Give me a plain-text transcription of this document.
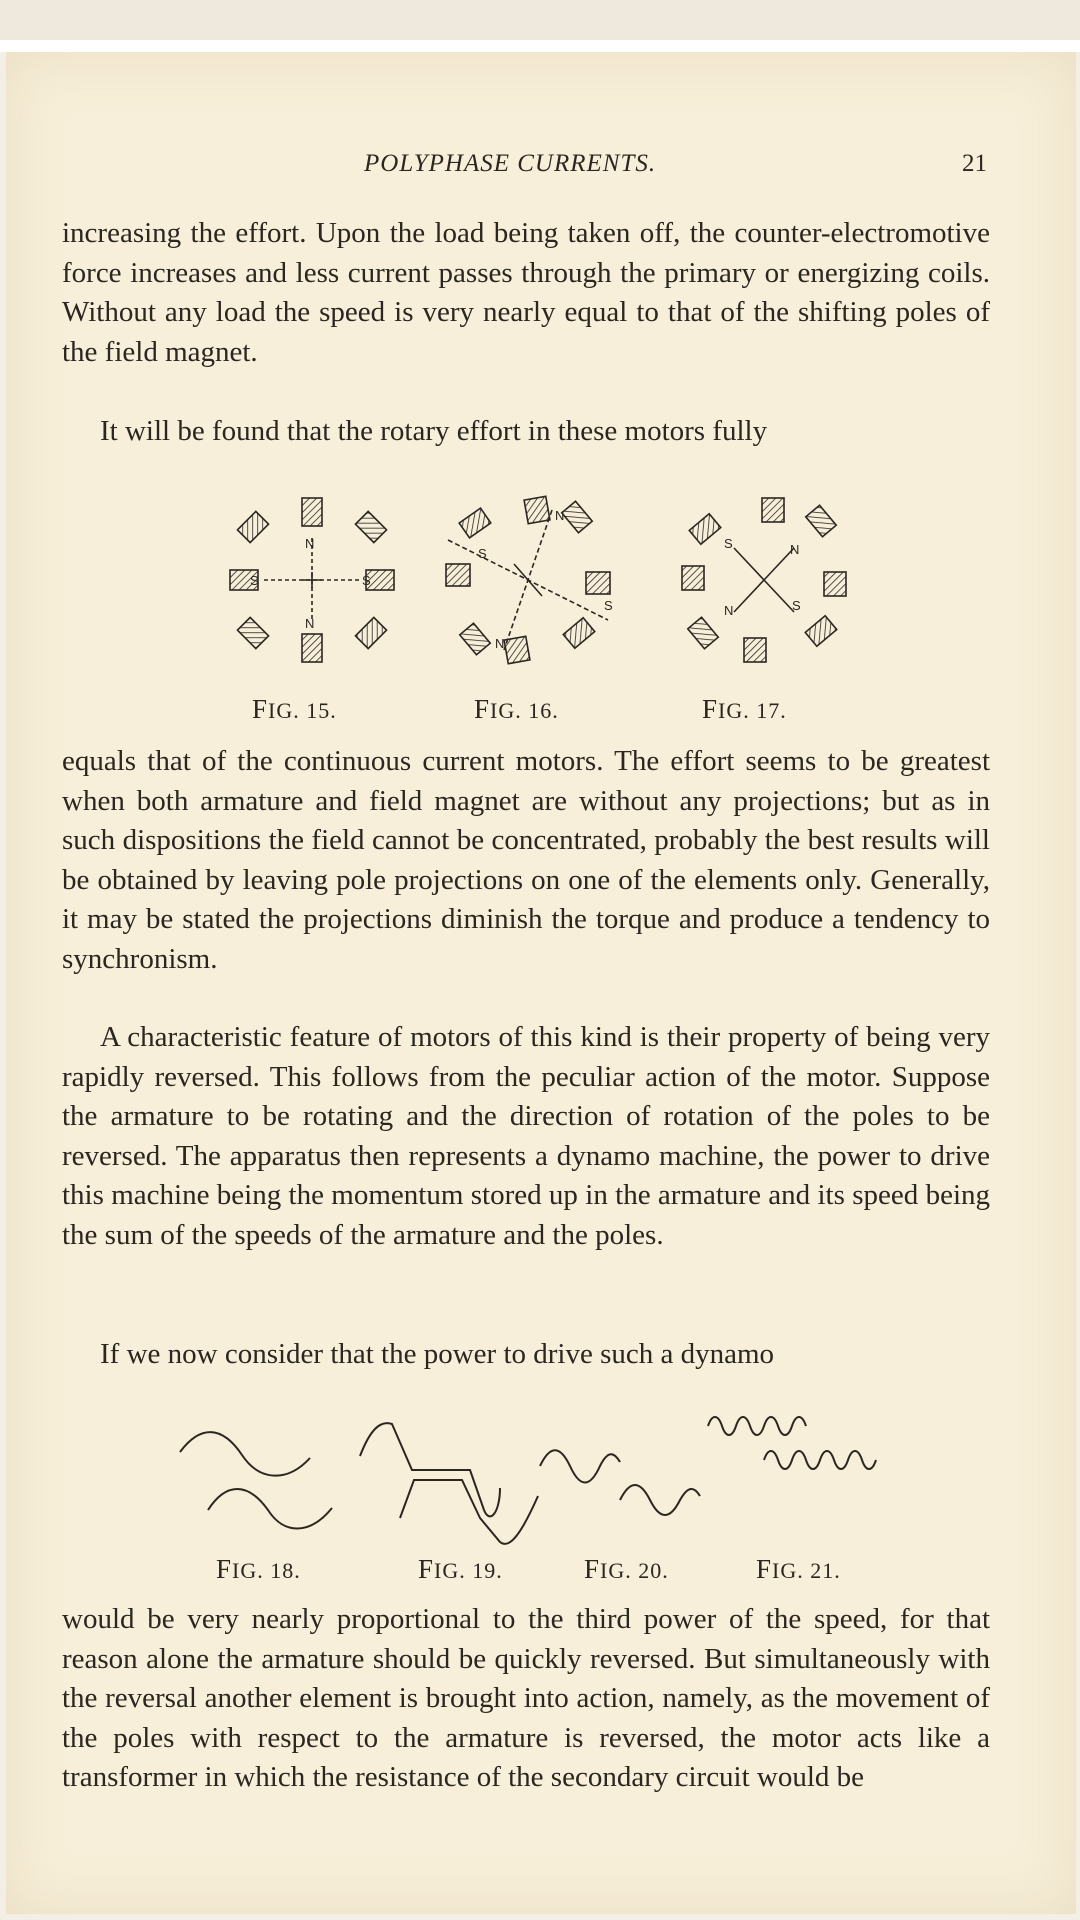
POLYPHASE CURRENTS.	21

increasing the effort. Upon the load being taken off, the counter-electromotive force increases and less current passes through the primary or energizing coils. Without any load the speed is very nearly equal to that of the shifting poles of the field magnet.

It will be found that the rotary effort in these motors fully

N
N
S	S
S
S
N
N
S
S
N
N
FIG. 15.	FIG. 16.	FIG. 17.

equals that of the continuous current motors. The effort seems to be greatest when both armature and field magnet are without any projections; but as in such dispositions the field cannot be concentrated, probably the best results will be obtained by leaving pole projections on one of the elements only. Generally, it may be stated the projections diminish the torque and produce a tendency to synchronism.

A characteristic feature of motors of this kind is their property of being very rapidly reversed. This follows from the peculiar action of the motor. Suppose the armature to be rotating and the direction of rotation of the poles to be reversed. The apparatus then represents a dynamo machine, the power to drive this machine being the momentum stored up in the armature and its speed being the sum of the speeds of the armature and the poles.

If we now consider that the power to drive such a dynamo

FIG. 18.	FIG. 19.	FIG. 20.	FIG. 21.

would be very nearly proportional to the third power of the speed, for that reason alone the armature should be quickly reversed. But simultaneously with the reversal another element is brought into action, namely, as the movement of the poles with respect to the armature is reversed, the motor acts like a transformer in which the resistance of the secondary circuit would be
